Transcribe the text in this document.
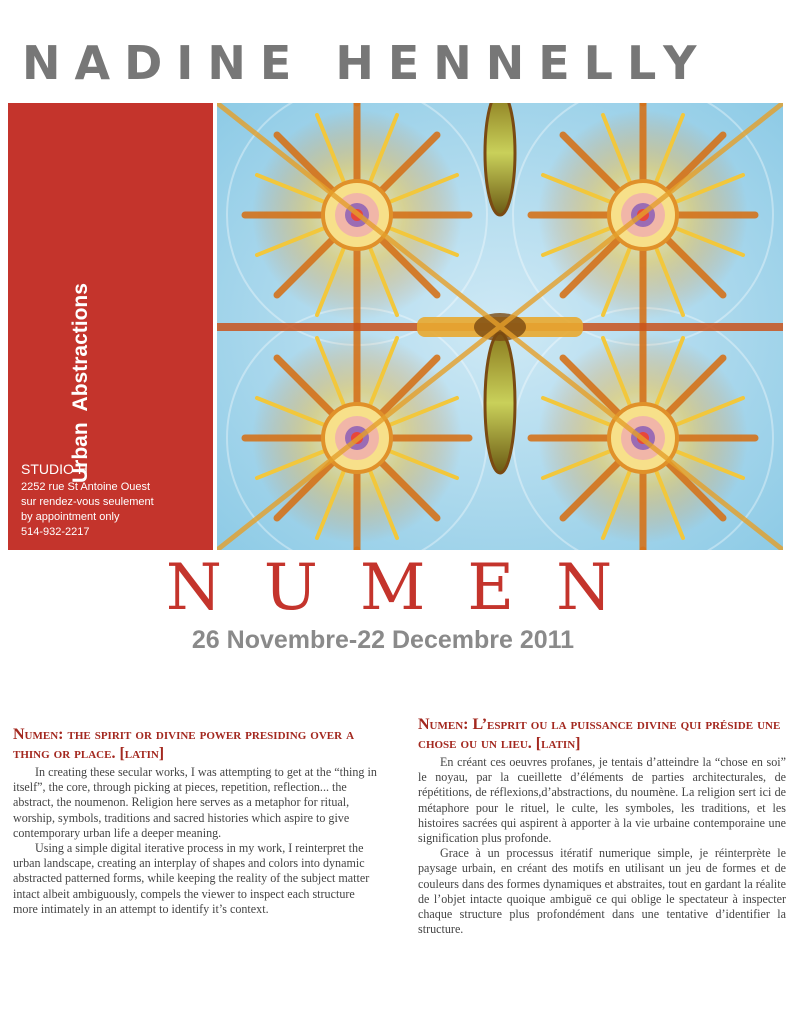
NADINE HENNELLY
Urban  Abstractions
STUDIO H
2252 rue St Antoine Ouest
sur rendez-vous seulement
by appointment only
514-932-2217
NUMEN
26 Novembre-22 Decembre 2011
Numen: the spirit or divine power presiding over a thing or place. [latin]

In creating these secular works, I was attempting to get at the “thing in itself”, the core, through picking at pieces, repetition, reflection... the abstract, the noumenon. Religion here serves as a metaphor for ritual, worship, symbols, traditions and sacred histories which aspire to give contemporary urban life a deeper meaning.

Using a simple digital iterative process in my work, I reinterpret the urban landscape, creating an interplay of shapes and colors into dynamic abstracted patterned forms, while keeping the reality of the subject matter intact albeit ambiguously, compels the viewer to inspect each structure more intimately in an attempt to identify it’s context.

Numen: L’esprit ou la puissance divine qui préside une chose ou un lieu. [latin]

En créant ces oeuvres profanes, je tentais d’atteindre la “chose en soi” le noyau, par la cueillette d’éléments de parties architecturales, de répétitions, de réflexions,d’abstractions, du noumène. La religion sert ici de métaphore pour le rituel, le culte, les symboles, les traditions, et les histoires sacrées qui aspirent à apporter à la vie urbaine contemporaine une signification plus profonde.

Grace à un processus itératif numerique simple, je réinterprète le paysage urbain, en créant des motifs en utilisant un jeu de formes et de couleurs dans des formes dynamiques et abstraites, tout en gardant la réalite de l’objet intacte quoique ambiguë ce qui oblige le spectateur à inspecter chaque structure plus profondément dans une tentative d’identifier la structure.
